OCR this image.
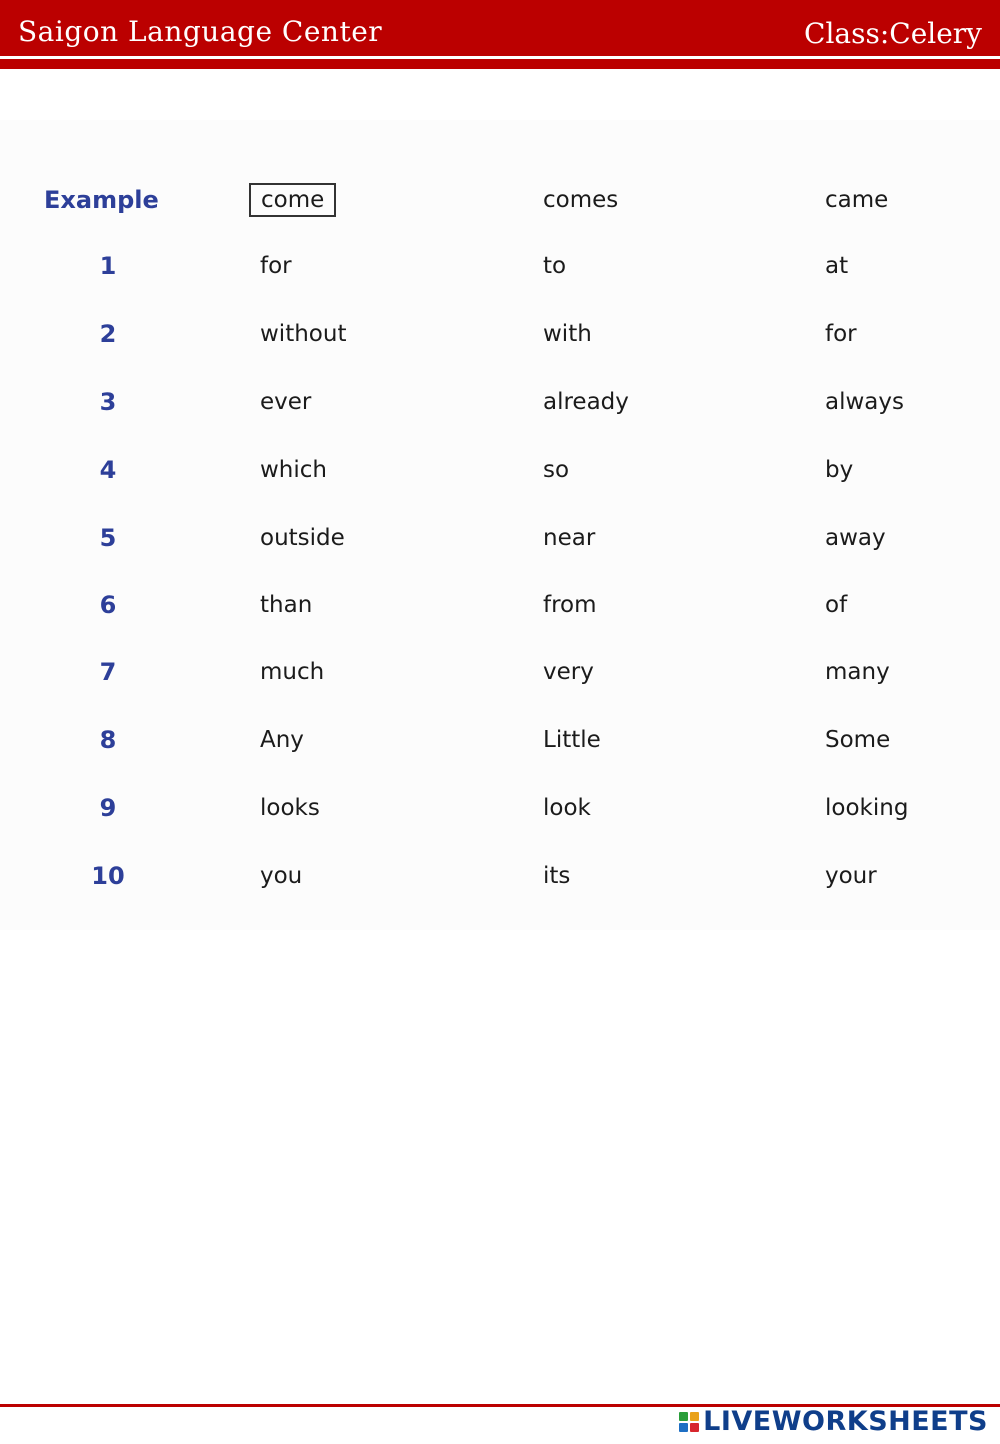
Saigon Language Center	Class:Celery
Example	come	comes	came
1	for	to	at
2	without	with	for
3	ever	already	always
4	which	so	by
5	outside	near	away
6	than	from	of
7	much	very	many
8	Any	Little	Some
9	looks	look	looking
10	you	its	your
LIVEWORKSHEETS
